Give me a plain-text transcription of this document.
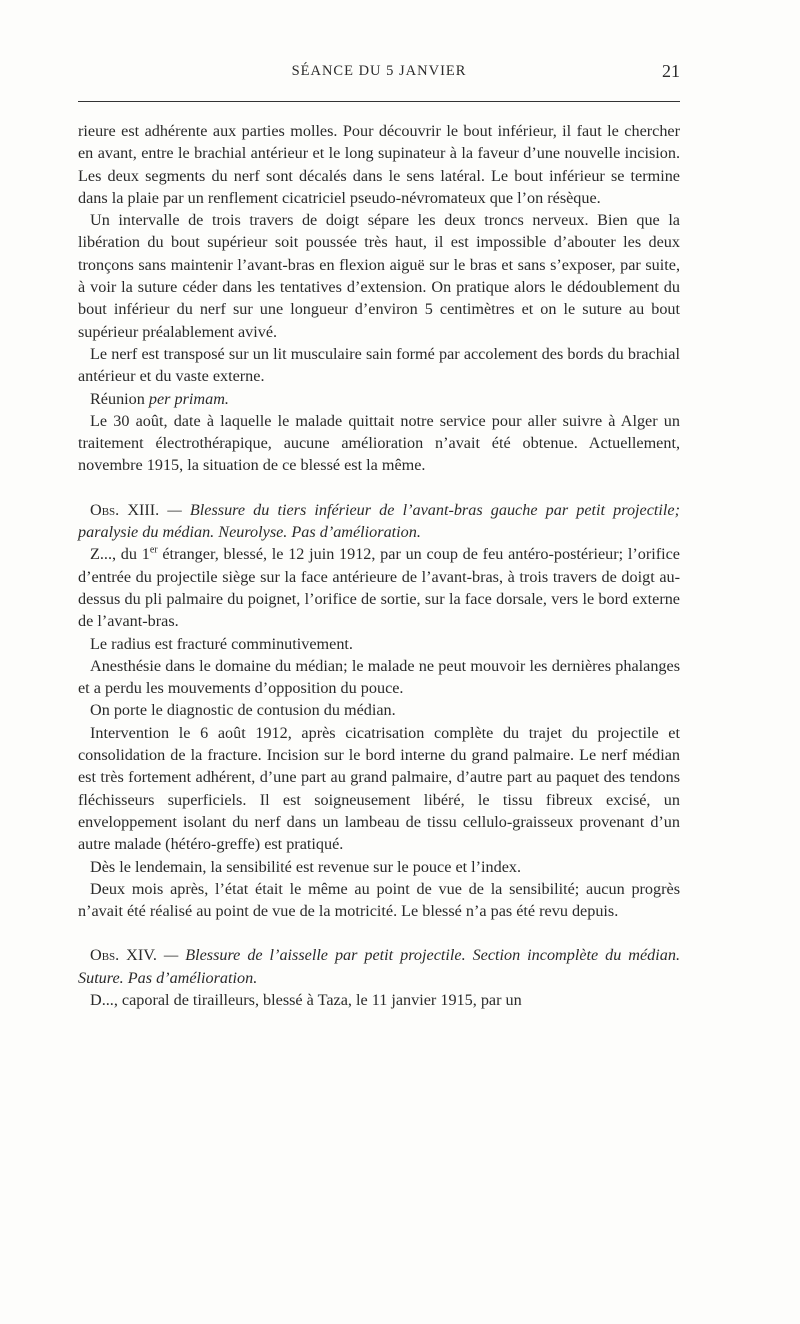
SÉANCE DU 5 JANVIER	21

rieure est adhérente aux parties molles. Pour découvrir le bout inférieur, il faut le chercher en avant, entre le brachial antérieur et le long supinateur à la faveur d’une nouvelle incision. Les deux segments du nerf sont décalés dans le sens latéral. Le bout inférieur se termine dans la plaie par un renflement cicatriciel pseudo-névromateux que l’on résèque.

Un intervalle de trois travers de doigt sépare les deux troncs nerveux. Bien que la libération du bout supérieur soit poussée très haut, il est impossible d’abouter les deux tronçons sans maintenir l’avant-bras en flexion aiguë sur le bras et sans s’exposer, par suite, à voir la suture céder dans les tentatives d’extension. On pratique alors le dédoublement du bout inférieur du nerf sur une longueur d’environ 5 centimètres et on le suture au bout supérieur préalablement avivé.

Le nerf est transposé sur un lit musculaire sain formé par accolement des bords du brachial antérieur et du vaste externe.

Réunion per primam.

Le 30 août, date à laquelle le malade quittait notre service pour aller suivre à Alger un traitement électrothérapique, aucune amélioration n’avait été obtenue. Actuellement, novembre 1915, la situation de ce blessé est la même.

Obs. XIII. — Blessure du tiers inférieur de l’avant-bras gauche par petit projectile; paralysie du médian. Neurolyse. Pas d’amélioration.

Z..., du 1er étranger, blessé, le 12 juin 1912, par un coup de feu antéro-postérieur; l’orifice d’entrée du projectile siège sur la face antérieure de l’avant-bras, à trois travers de doigt au-dessus du pli palmaire du poignet, l’orifice de sortie, sur la face dorsale, vers le bord externe de l’avant-bras.

Le radius est fracturé comminutivement.

Anesthésie dans le domaine du médian; le malade ne peut mouvoir les dernières phalanges et a perdu les mouvements d’opposition du pouce.

On porte le diagnostic de contusion du médian.

Intervention le 6 août 1912, après cicatrisation complète du trajet du projectile et consolidation de la fracture. Incision sur le bord interne du grand palmaire. Le nerf médian est très fortement adhérent, d’une part au grand palmaire, d’autre part au paquet des tendons fléchisseurs superficiels. Il est soigneusement libéré, le tissu fibreux excisé, un enveloppement isolant du nerf dans un lambeau de tissu cellulo-graisseux provenant d’un autre malade (hétéro-greffe) est pratiqué.

Dès le lendemain, la sensibilité est revenue sur le pouce et l’index.

Deux mois après, l’état était le même au point de vue de la sensibilité; aucun progrès n’avait été réalisé au point de vue de la motricité. Le blessé n’a pas été revu depuis.

Obs. XIV. — Blessure de l’aisselle par petit projectile. Section incomplète du médian. Suture. Pas d’amélioration.

D..., caporal de tirailleurs, blessé à Taza, le 11 janvier 1915, par un
